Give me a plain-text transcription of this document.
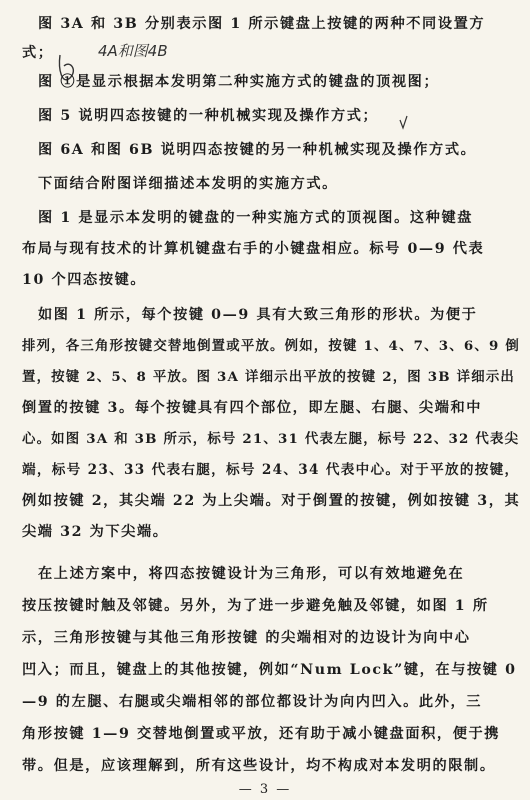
图 3A 和 3B 分别表示图 1 所示键盘上按键的两种不同设置方
式；	4A和图4B
图 ①是显示根据本发明第二种实施方式的键盘的顶视图；
图 5 说明四态按键的一种机械实现及操作方式；
图 6A 和图 6B 说明四态按键的另一种机械实现及操作方式。
下面结合附图详细描述本发明的实施方式。
图 1 是显示本发明的键盘的一种实施方式的顶视图。这种键盘
布局与现有技术的计算机键盘右手的小键盘相应。标号 0—9 代表
10 个四态按键。
如图 1 所示，每个按键 0—9 具有大致三角形的形状。为便于
排列，各三角形按键交替地倒置或平放。例如，按键 1、4、7、3、6、9 倒
置，按键 2、5、8 平放。图 3A 详细示出平放的按键 2，图 3B 详细示出
倒置的按键 3。每个按键具有四个部位，即左腿、右腿、尖端和中
心。如图 3A 和 3B 所示，标号 21、31 代表左腿，标号 22、32 代表尖
端，标号 23、33 代表右腿，标号 24、34 代表中心。对于平放的按键，
例如按键 2，其尖端 22 为上尖端。对于倒置的按键，例如按键 3，其
尖端 32 为下尖端。
在上述方案中，将四态按键设计为三角形，可以有效地避免在
按压按键时触及邻键。另外，为了进一步避免触及邻键，如图 1 所
示，三角形按键与其他三角形按键 的尖端相对的边设计为向中心
凹入；而且，键盘上的其他按键，例如“Num Lock”键，在与按键 0
—9 的左腿、右腿或尖端相邻的部位都设计为向内凹入。此外，三
角形按键 1—9 交替地倒置或平放，还有助于减小键盘面积，便于携
带。但是，应该理解到，所有这些设计，均不构成对本发明的限制。
— 3 —
